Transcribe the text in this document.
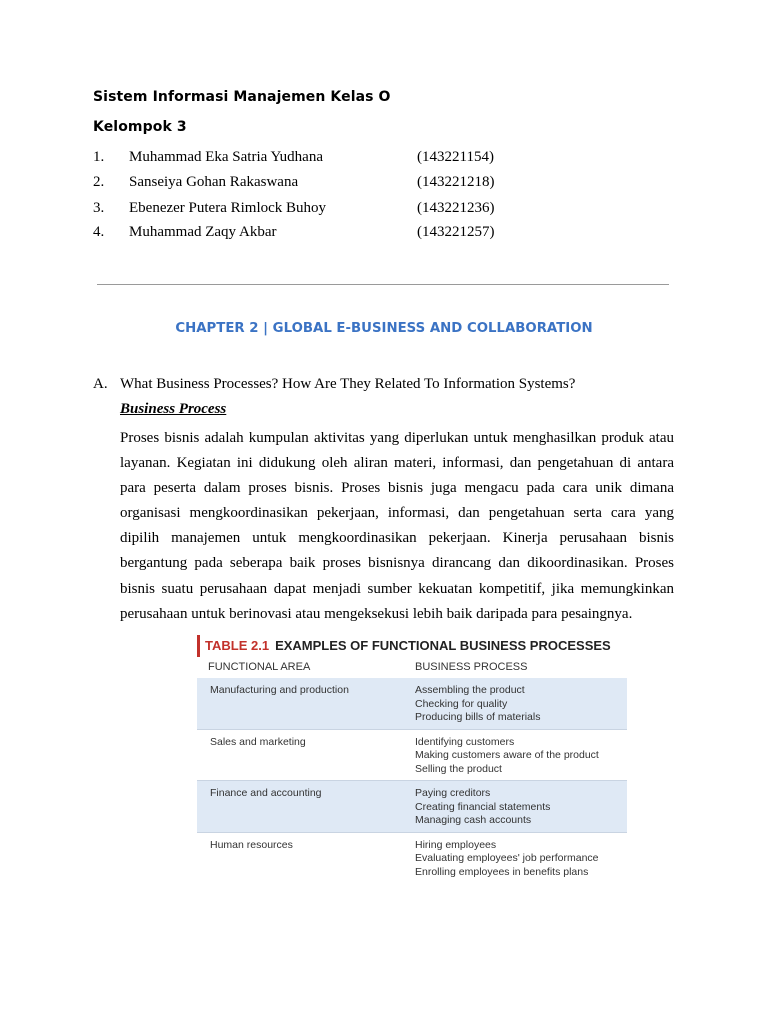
Sistem Informasi Manajemen Kelas O
Kelompok 3
1. Muhammad Eka Satria Yudhana	(143221154)
2. Sanseiya Gohan Rakaswana	(143221218)
3. Ebenezer Putera Rimlock Buhoy	(143221236)
4. Muhammad Zaqy Akbar	(143221257)
CHAPTER 2 | GLOBAL E-BUSINESS AND COLLABORATION
A. What Business Processes? How Are They Related To Information Systems?
Business Process

Proses bisnis adalah kumpulan aktivitas yang diperlukan untuk menghasilkan produk atau layanan. Kegiatan ini didukung oleh aliran materi, informasi, dan pengetahuan di antara para peserta dalam proses bisnis. Proses bisnis juga mengacu pada cara unik dimana organisasi mengkoordinasikan pekerjaan, informasi, dan pengetahuan serta cara yang dipilih manajemen untuk mengkoordinasikan pekerjaan. Kinerja perusahaan bisnis bergantung pada seberapa baik proses bisnisnya dirancang dan dikoordinasikan. Proses bisnis suatu perusahaan dapat menjadi sumber kekuatan kompetitif, jika memungkinkan perusahaan untuk berinovasi atau mengeksekusi lebih baik daripada para pesaingnya.

TABLE 2.1 EXAMPLES OF FUNCTIONAL BUSINESS PROCESSES
FUNCTIONAL AREA	BUSINESS PROCESS
Manufacturing and production	Assembling the product
Checking for quality
Producing bills of materials
Sales and marketing	Identifying customers
Making customers aware of the product
Selling the product
Finance and accounting	Paying creditors
Creating financial statements
Managing cash accounts
Human resources	Hiring employees
Evaluating employees' job performance
Enrolling employees in benefits plans
